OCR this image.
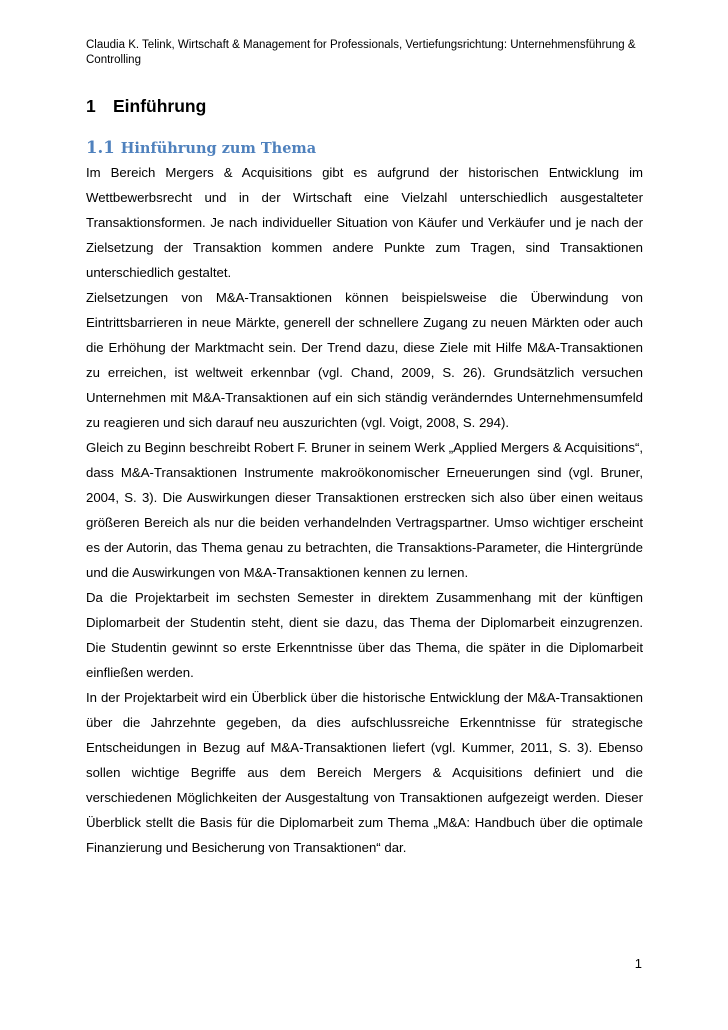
Claudia K. Telink, Wirtschaft & Management for Professionals, Vertiefungsrichtung: Unternehmensführung & Controlling

1 Einführung
1.1 Hinführung zum Thema

Im Bereich Mergers & Acquisitions gibt es aufgrund der historischen Entwicklung im Wettbewerbsrecht und in der Wirtschaft eine Vielzahl unterschiedlich ausgestalteter Transaktionsformen. Je nach individueller Situation von Käufer und Verkäufer und je nach der Zielsetzung der Transaktion kommen andere Punkte zum Tragen, sind Transaktionen unterschiedlich gestaltet.

Zielsetzungen von M&A-Transaktionen können beispielsweise die Überwindung von Eintrittsbarrieren in neue Märkte, generell der schnellere Zugang zu neuen Märkten oder auch die Erhöhung der Marktmacht sein. Der Trend dazu, diese Ziele mit Hilfe M&A-Transaktionen zu erreichen, ist weltweit erkennbar (vgl. Chand, 2009, S. 26). Grundsätzlich versuchen Unternehmen mit M&A-Transaktionen auf ein sich ständig veränderndes Unternehmensumfeld zu reagieren und sich darauf neu auszurichten (vgl. Voigt, 2008, S. 294).

Gleich zu Beginn beschreibt Robert F. Bruner in seinem Werk „Applied Mergers & Acquisitions“, dass M&A-Transaktionen Instrumente makroökonomischer Erneuerungen sind (vgl. Bruner, 2004, S. 3). Die Auswirkungen dieser Transaktionen erstrecken sich also über einen weitaus größeren Bereich als nur die beiden verhandelnden Vertragspartner. Umso wichtiger erscheint es der Autorin, das Thema genau zu betrachten, die Transaktions-Parameter, die Hintergründe und die Auswirkungen von M&A-Transaktionen kennen zu lernen.

Da die Projektarbeit im sechsten Semester in direktem Zusammenhang mit der künftigen Diplomarbeit der Studentin steht, dient sie dazu, das Thema der Diplomarbeit einzugrenzen. Die Studentin gewinnt so erste Erkenntnisse über das Thema, die später in die Diplomarbeit einfließen werden.

In der Projektarbeit wird ein Überblick über die historische Entwicklung der M&A-Transaktionen über die Jahrzehnte gegeben, da dies aufschlussreiche Erkenntnisse für strategische Entscheidungen in Bezug auf M&A-Transaktionen liefert (vgl. Kummer, 2011, S. 3). Ebenso sollen wichtige Begriffe aus dem Bereich Mergers & Acquisitions definiert und die verschiedenen Möglichkeiten der Ausgestaltung von Transaktionen aufgezeigt werden. Dieser Überblick stellt die Basis für die Diplomarbeit zum Thema „M&A: Handbuch über die optimale Finanzierung und Besicherung von Transaktionen“ dar.

1
